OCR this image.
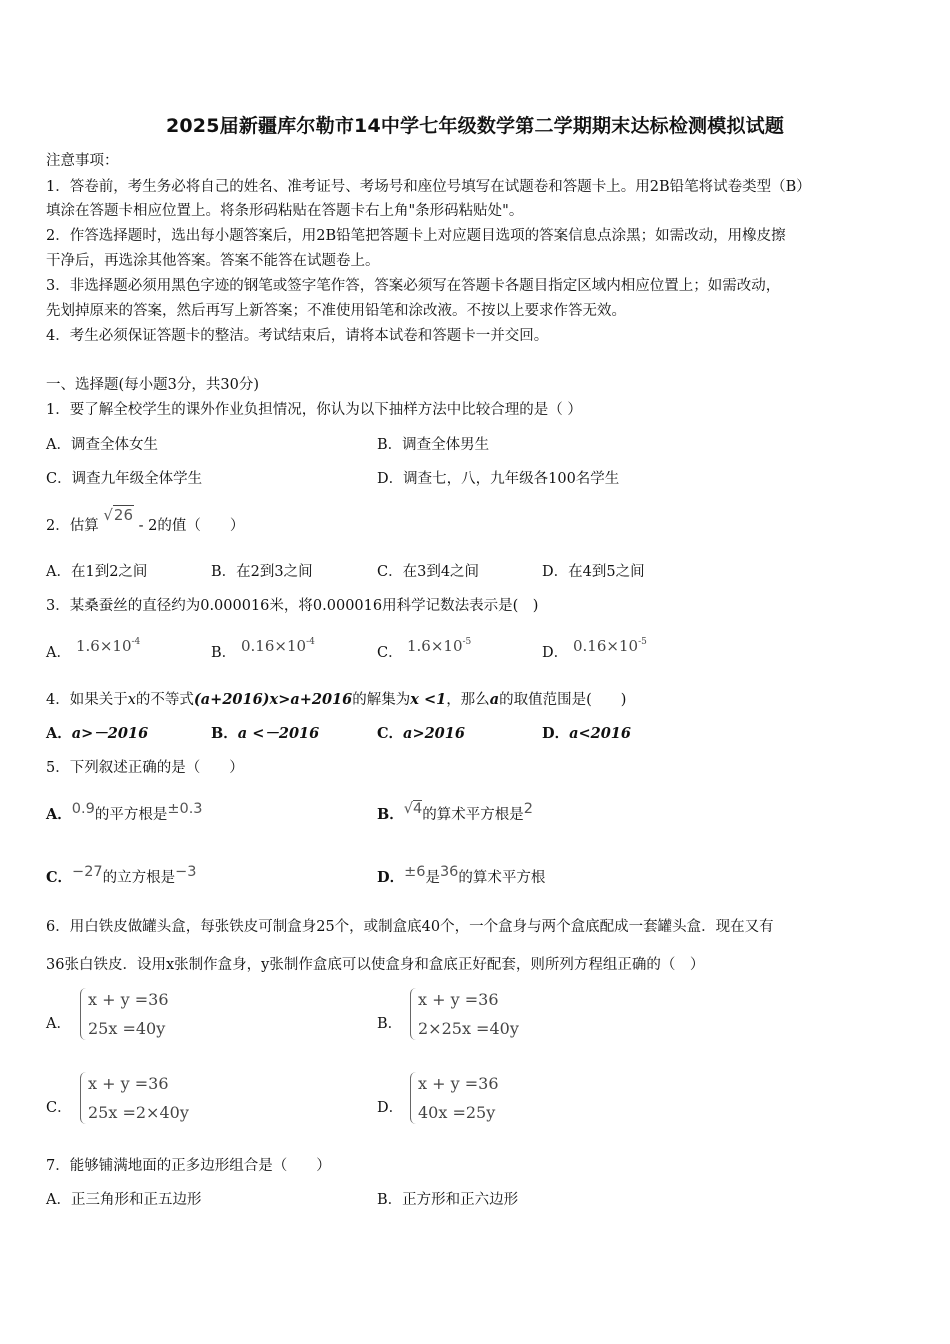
2025届新疆库尔勒市14中学七年级数学第二学期期末达标检测模拟试题
注意事项：
1．答卷前，考生务必将自己的姓名、准考证号、考场号和座位号填写在试题卷和答题卡上。用2B铅笔将试卷类型（B）
填涂在答题卡相应位置上。将条形码粘贴在答题卡右上角"条形码粘贴处"。
2．作答选择题时，选出每小题答案后，用2B铅笔把答题卡上对应题目选项的答案信息点涂黑；如需改动，用橡皮擦
干净后，再选涂其他答案。答案不能答在试题卷上。
3．非选择题必须用黑色字迹的钢笔或签字笔作答，答案必须写在答题卡各题目指定区域内相应位置上；如需改动，
先划掉原来的答案，然后再写上新答案；不准使用铅笔和涂改液。不按以上要求作答无效。
4．考生必须保证答题卡的整洁。考试结束后，请将本试卷和答题卡一并交回。
一、选择题(每小题3分，共30分)
1．要了解全校学生的课外作业负担情况，你认为以下抽样方法中比较合理的是（ ）
A．调查全体女生	B．调查全体男生
C．调查九年级全体学生	D．调查七，八，九年级各100名学生
2．估算 √26 - 2的值（　　）
A．在1到2之间	B．在2到3之间	C．在3到4之间	D．在4到5之间
3．某桑蚕丝的直径约为0.000016米，将0.000016用科学记数法表示是(　)
A． $1.6\times 10^{-4}$
B． $0.16\times 10^{-4}$
C． $1.6\times 10^{-5}$
D． $0.16\times 10^{-5}$
4．如果关于x的不等式(a+2016)x>a+2016的解集为x <1，那么a的取值范围是(　　)
A．a>－2016	B．a <－2016	C．a>2016	D．a<2016
5．下列叙述正确的是（　　）
A．0.9的平方根是±0.3	B．√4的算术平方根是2
C．−27的立方根是−3	D．±6是36的算术平方根
6．用白铁皮做罐头盒，每张铁皮可制盒身25个，或制盒底40个，一个盒身与两个盒底配成一套罐头盒．现在又有
36张白铁皮．设用x张制作盒身，y张制作盒底可以使盒身和盒底正好配套，则所列方程组正确的（　）
A．
x + y =36
25x =40y	B．
x + y =36
2×25x =40y
C．
x + y =36
25x =2×40y	D．
x + y =36
40x =25y
7．能够铺满地面的正多边形组合是（　　）
A．正三角形和正五边形	B．正方形和正六边形
